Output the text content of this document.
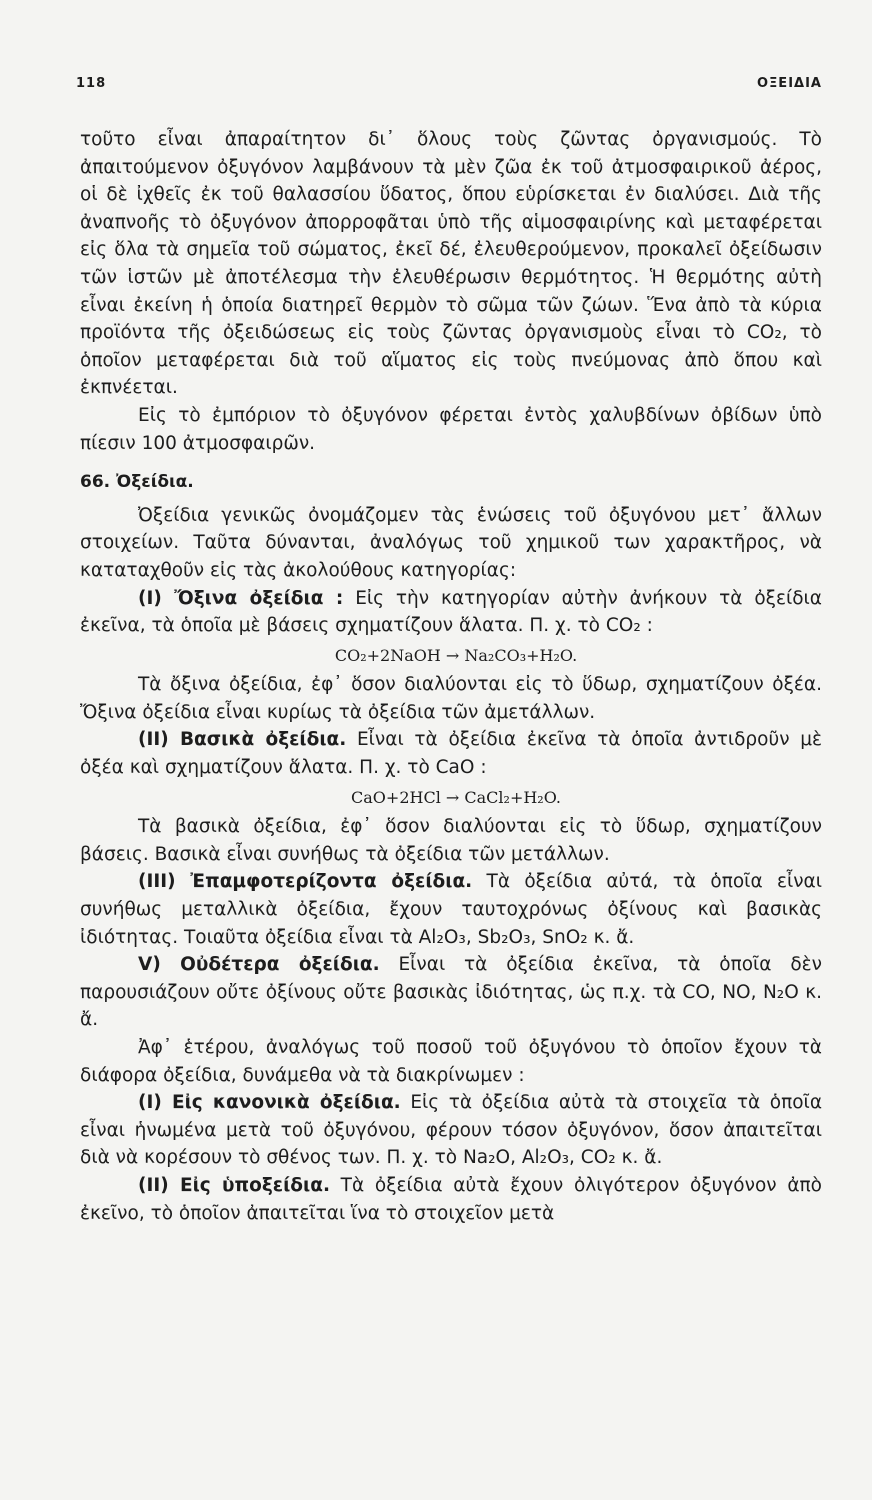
118	ΟΞΕΙΔΙΑ

τοῦτο εἶναι ἀπαραίτητον δι᾽ ὅλους τοὺς ζῶντας ὀργανισμούς. Τὸ ἀπαιτούμενον ὀξυγόνον λαμβάνουν τὰ μὲν ζῶα ἐκ τοῦ ἀτμοσφαιρικοῦ ἀέρος, οἱ δὲ ἰχθεῖς ἐκ τοῦ θαλασσίου ὕδατος, ὅπου εὑρίσκεται ἐν διαλύσει. Διὰ τῆς ἀναπνοῆς τὸ ὀξυγόνον ἀπορροφᾶται ὑπὸ τῆς αἱμοσφαιρίνης καὶ μεταφέρεται εἰς ὅλα τὰ σημεῖα τοῦ σώματος, ἐκεῖ δέ, ἐλευθερούμενον, προκαλεῖ ὀξείδωσιν τῶν ἱστῶν μὲ ἀποτέλεσμα τὴν ἐλευθέρωσιν θερμότητος. Ἡ θερμότης αὐτὴ εἶναι ἐκείνη ἡ ὁποία διατηρεῖ θερμὸν τὸ σῶμα τῶν ζώων. Ἕνα ἀπὸ τὰ κύρια προϊόντα τῆς ὀξειδώσεως εἰς τοὺς ζῶντας ὀργανισμοὺς εἶναι τὸ CO₂, τὸ ὁποῖον μεταφέρεται διὰ τοῦ αἵματος εἰς τοὺς πνεύμονας ἀπὸ ὅπου καὶ ἐκπνέεται.

Εἰς τὸ ἐμπόριον τὸ ὀξυγόνον φέρεται ἐντὸς χαλυβδίνων ὀβίδων ὑπὸ πίεσιν 100 ἀτμοσφαιρῶν.

66. Ὀξείδια.

Ὀξείδια γενικῶς ὀνομάζομεν τὰς ἑνώσεις τοῦ ὀξυγόνου μετ᾽ ἄλλων στοιχείων. Ταῦτα δύνανται, ἀναλόγως τοῦ χημικοῦ των χαρακτῆρος, νὰ καταταχθοῦν εἰς τὰς ἀκολούθους κατηγορίας:

(I) Ὄξινα ὀξείδια : Εἰς τὴν κατηγορίαν αὐτὴν ἀνήκουν τὰ ὀξείδια ἐκεῖνα, τὰ ὁποῖα μὲ βάσεις σχηματίζουν ἅλατα. Π. χ. τὸ CO₂ :

CO₂+2NaOH → Na₂CO₃+H₂O.

Τὰ ὄξινα ὀξείδια, ἐφ᾽ ὅσον διαλύονται εἰς τὸ ὕδωρ, σχηματίζουν ὀξέα. Ὄξινα ὀξείδια εἶναι κυρίως τὰ ὀξείδια τῶν ἀμετάλλων.

(II) Βασικὰ ὀξείδια. Εἶναι τὰ ὀξείδια ἐκεῖνα τὰ ὁποῖα ἀντιδροῦν μὲ ὀξέα καὶ σχηματίζουν ἅλατα. Π. χ. τὸ CaO :

CaO+2HCl → CaCl₂+H₂O.

Τὰ βασικὰ ὀξείδια, ἐφ᾽ ὅσον διαλύονται εἰς τὸ ὕδωρ, σχηματίζουν βάσεις. Βασικὰ εἶναι συνήθως τὰ ὀξείδια τῶν μετάλλων.

(III) Ἐπαμφοτερίζοντα ὀξείδια. Τὰ ὀξείδια αὐτά, τὰ ὁποῖα εἶναι συνήθως μεταλλικὰ ὀξείδια, ἔχουν ταυτοχρόνως ὀξίνους καὶ βασικὰς ἰδιότητας. Τοιαῦτα ὀξείδια εἶναι τὰ Al₂O₃, Sb₂O₃, SnO₂ κ. ἄ.

V) Οὐδέτερα ὀξείδια. Εἶναι τὰ ὀξείδια ἐκεῖνα, τὰ ὁποῖα δὲν παρουσιάζουν οὔτε ὀξίνους οὔτε βασικὰς ἰδιότητας, ὡς π.χ. τὰ CO, NO, N₂O κ. ἄ.

Ἀφ᾽ ἑτέρου, ἀναλόγως τοῦ ποσοῦ τοῦ ὀξυγόνου τὸ ὁποῖον ἔχουν τὰ διάφορα ὀξείδια, δυνάμεθα νὰ τὰ διακρίνωμεν :

(I) Εἰς κανονικὰ ὀξείδια. Εἰς τὰ ὀξείδια αὐτὰ τὰ στοιχεῖα τὰ ὁποῖα εἶναι ἡνωμένα μετὰ τοῦ ὀξυγόνου, φέρουν τόσον ὀξυγόνον, ὅσον ἀπαιτεῖται διὰ νὰ κορέσουν τὸ σθένος των. Π. χ. τὸ Na₂O, Al₂O₃, CO₂ κ. ἄ.

(II) Εἰς ὑποξείδια. Τὰ ὀξείδια αὐτὰ ἔχουν ὀλιγότερον ὀξυγόνον ἀπὸ ἐκεῖνο, τὸ ὁποῖον ἀπαιτεῖται ἵνα τὸ στοιχεῖον μετὰ
